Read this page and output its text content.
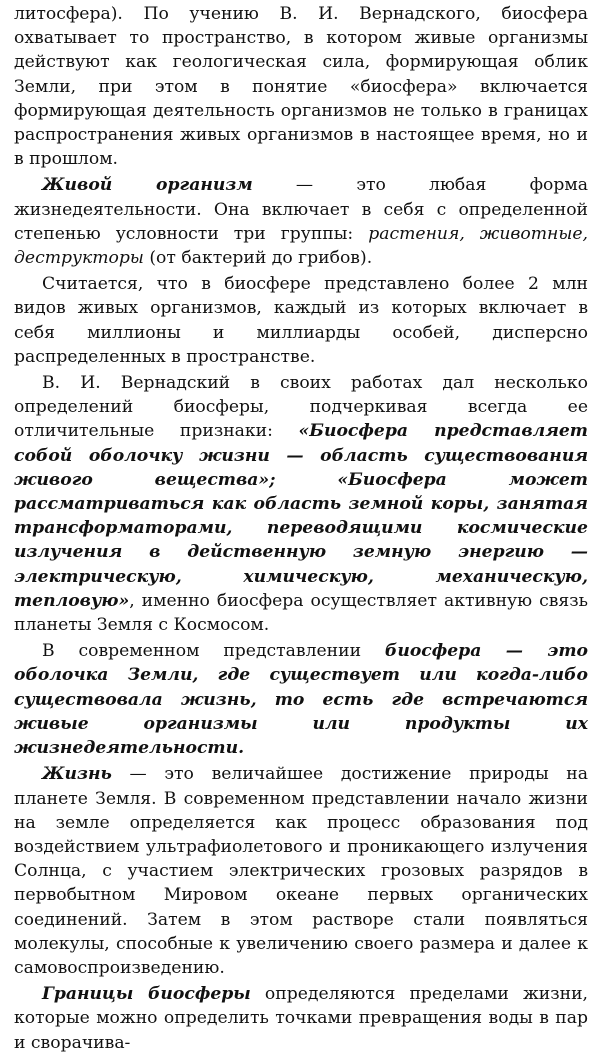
литосфера). По учению В. И. Вернадского, биосфера охватывает то пространство, в котором живые организмы действуют как геологическая сила, формирующая облик Земли, при этом в понятие «биосфера» включается формирующая деятельность организмов не только в границах распространения живых организмов в настоящее время, но и в прошлом.

Живой организм — это любая форма жизнедеятельности. Она включает в себя с определенной степенью условности три группы: растения, животные, деструкторы (от бактерий до грибов).

Считается, что в биосфере представлено более 2 млн видов живых организмов, каждый из которых включает в себя миллионы и миллиарды особей, дисперсно распределенных в пространстве.

В. И. Вернадский в своих работах дал несколько определений биосферы, подчеркивая всегда ее отличительные признаки: «Биосфера представляет собой оболочку жизни — область существования живого вещества»; «Биосфера может рассматриваться как область земной коры, занятая трансформаторами, переводящими космические излучения в действенную земную энергию — электрическую, химическую, механическую, тепловую», именно биосфера осуществляет активную связь планеты Земля с Космосом.

В современном представлении биосфера — это оболочка Земли, где существует или когда-либо существовала жизнь, то есть где встречаются живые организмы или продукты их жизнедеятельности.

Жизнь — это величайшее достижение природы на планете Земля. В современном представлении начало жизни на земле определяется как процесс образования под воздействием ультрафиолетового и проникающего излучения Солнца, с участием электрических грозовых разрядов в первобытном Мировом океане первых органических соединений. Затем в этом растворе стали появляться молекулы, способные к увеличению своего размера и далее к самовоспроизведению.

Границы биосферы определяются пределами жизни, которые можно определить точками превращения воды в пар и сворачива-
